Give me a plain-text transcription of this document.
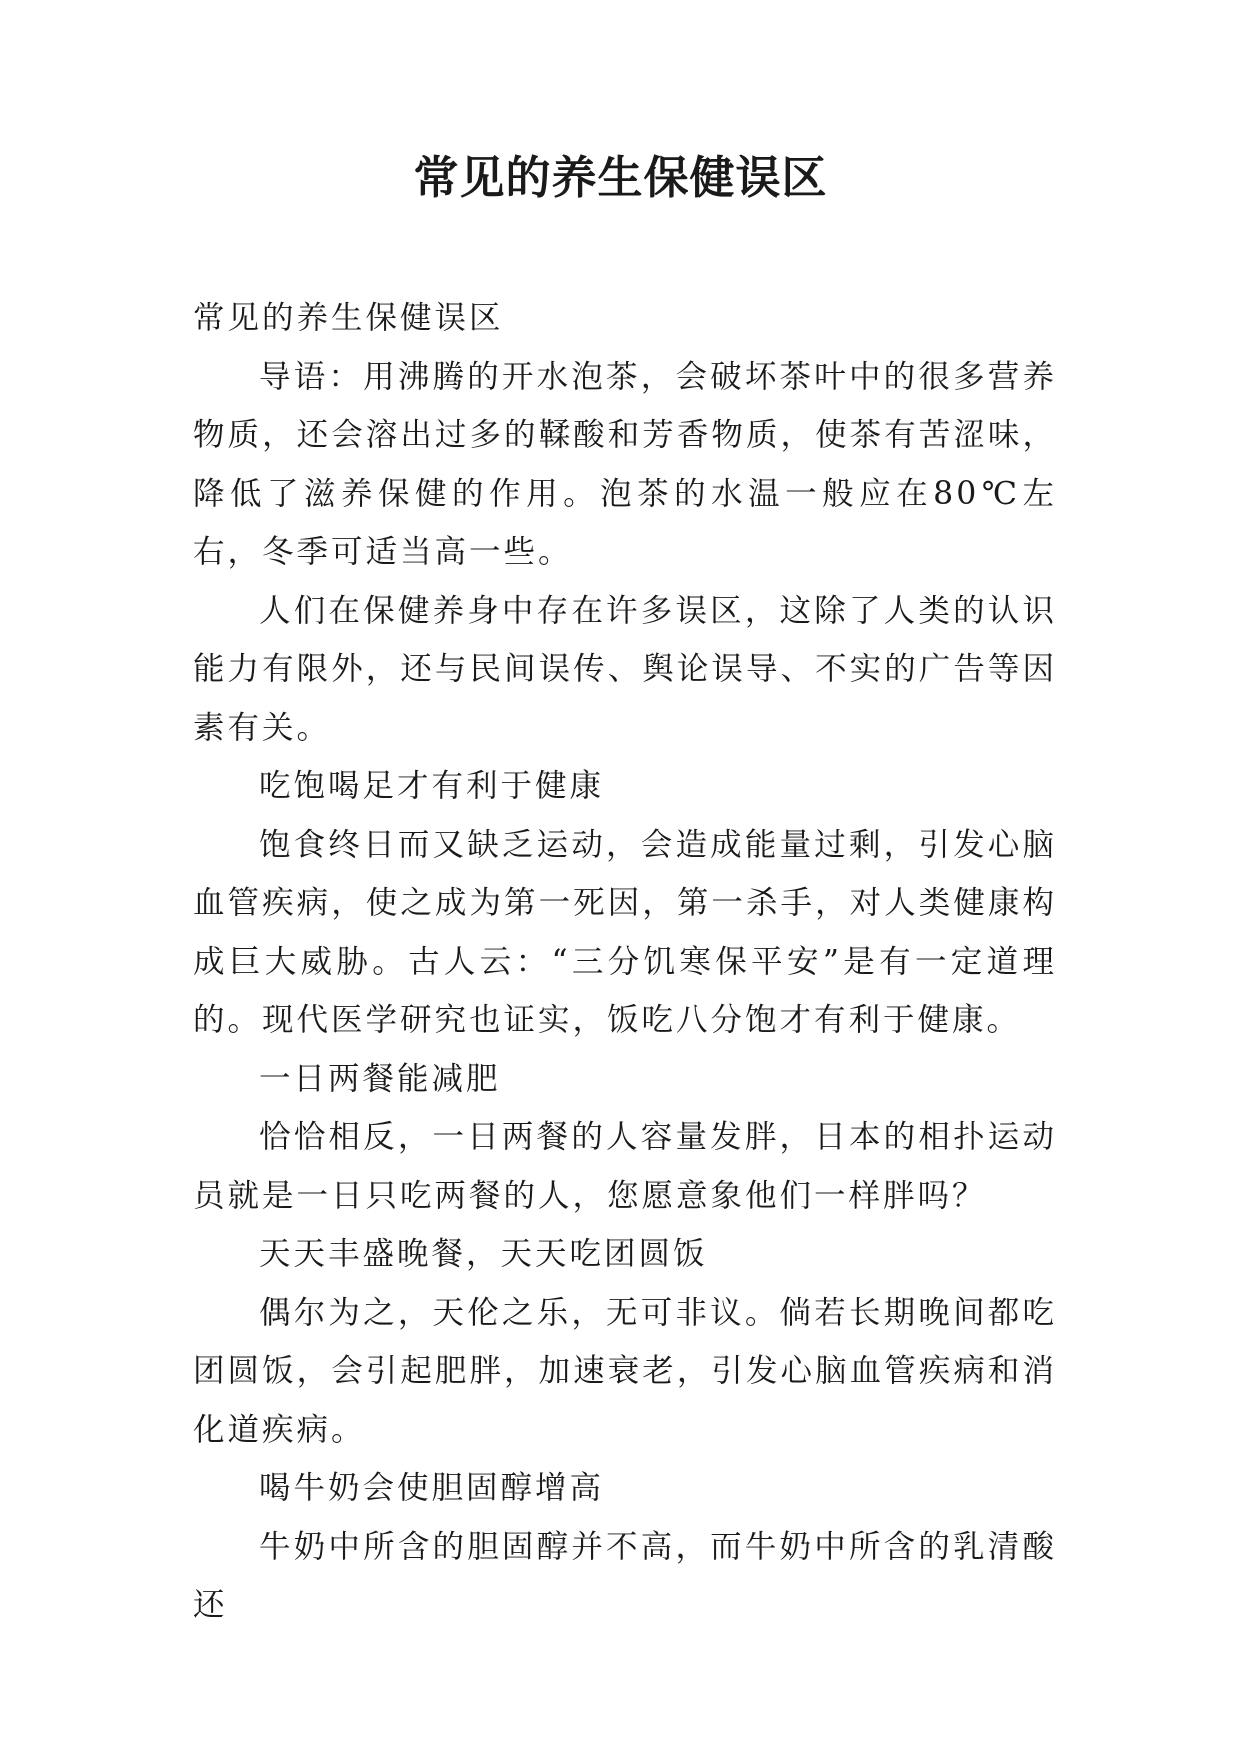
常见的养生保健误区

常见的养生保健误区

导语：用沸腾的开水泡茶，会破坏茶叶中的很多营养物质，还会溶出过多的鞣酸和芳香物质，使茶有苦涩味，降低了滋养保健的作用。泡茶的水温一般应在80℃左右，冬季可适当高一些。

人们在保健养身中存在许多误区，这除了人类的认识能力有限外，还与民间误传、舆论误导、不实的广告等因素有关。

吃饱喝足才有利于健康

饱食终日而又缺乏运动，会造成能量过剩，引发心脑血管疾病，使之成为第一死因，第一杀手，对人类健康构成巨大威胁。古人云：“三分饥寒保平安”是有一定道理的。现代医学研究也证实，饭吃八分饱才有利于健康。

一日两餐能减肥

恰恰相反，一日两餐的人容量发胖，日本的相扑运动员就是一日只吃两餐的人，您愿意象他们一样胖吗？

天天丰盛晚餐，天天吃团圆饭

偶尔为之，天伦之乐，无可非议。倘若长期晚间都吃团圆饭，会引起肥胖，加速衰老，引发心脑血管疾病和消化道疾病。

喝牛奶会使胆固醇增高

牛奶中所含的胆固醇并不高，而牛奶中所含的乳清酸还
